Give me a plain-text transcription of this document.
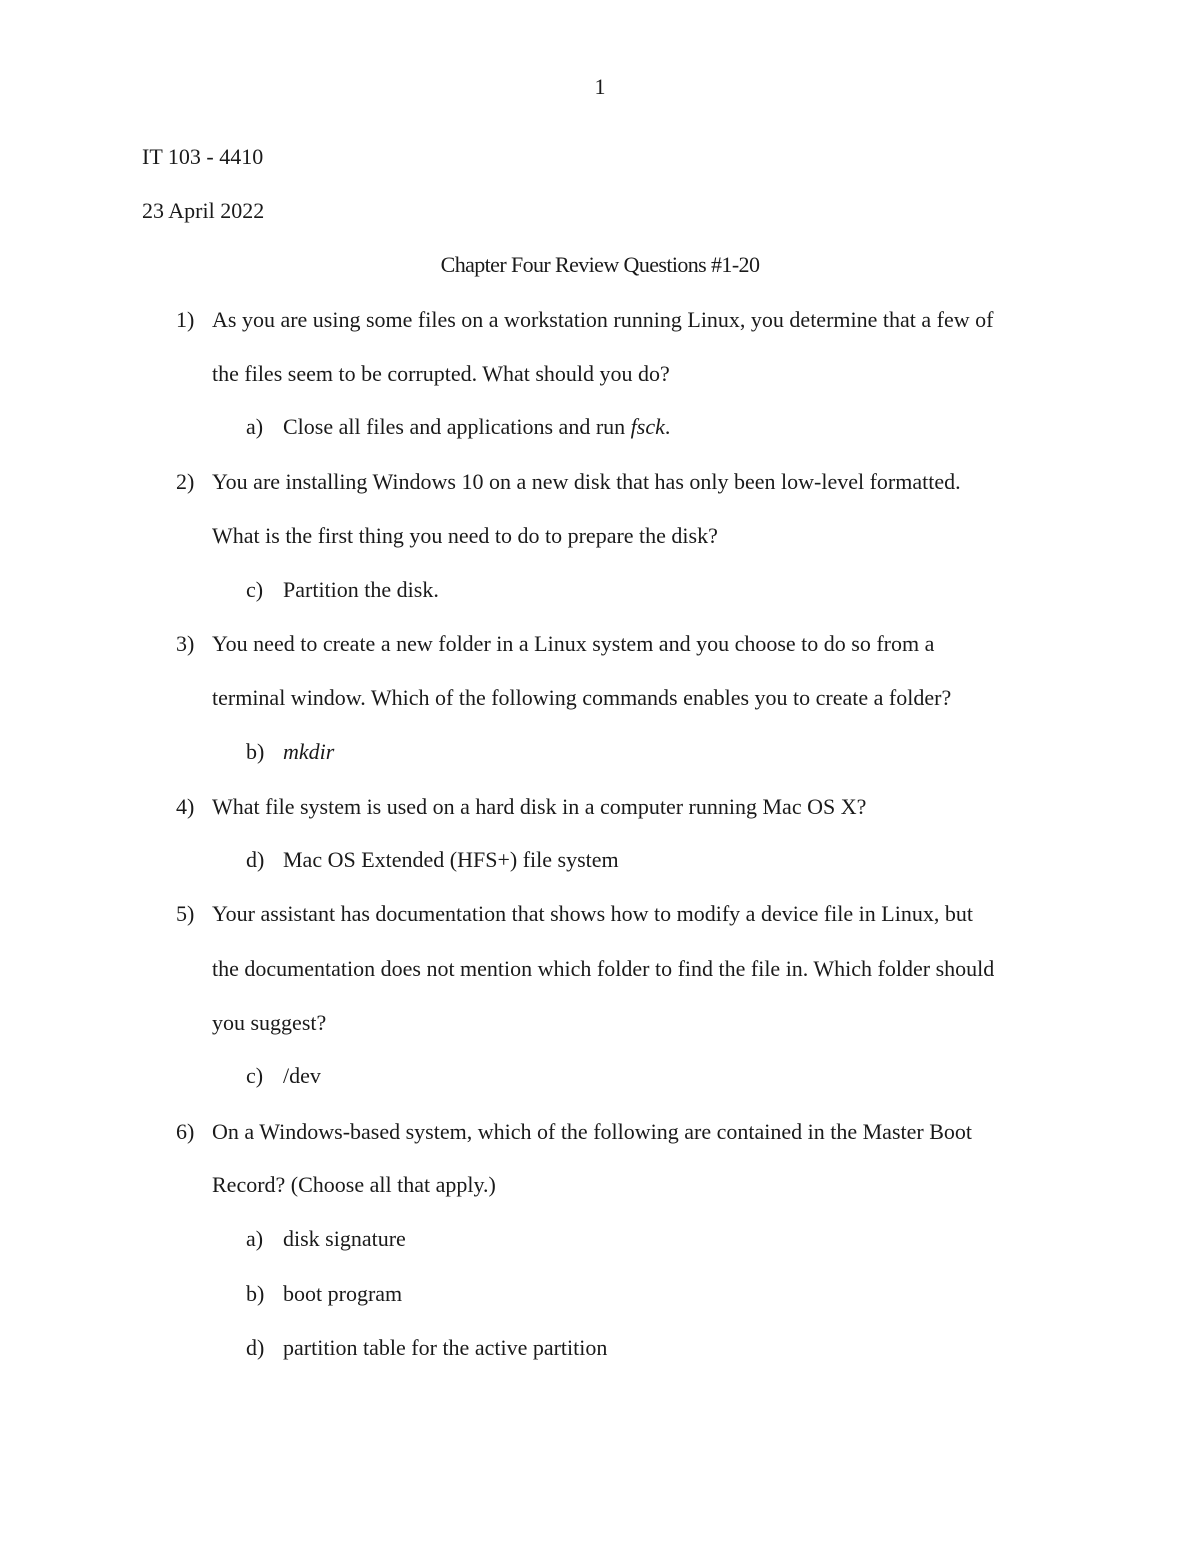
1
IT 103 - 4410
23 April 2022
Chapter Four Review Questions #1-20
1) As you are using some files on a workstation running Linux, you determine that a few of
the files seem to be corrupted. What should you do?
a) Close all files and applications and run fsck.
2) You are installing Windows 10 on a new disk that has only been low-level formatted.
What is the first thing you need to do to prepare the disk?
c) Partition the disk.
3) You need to create a new folder in a Linux system and you choose to do so from a
terminal window. Which of the following commands enables you to create a folder?
b) mkdir
4) What file system is used on a hard disk in a computer running Mac OS X?
d) Mac OS Extended (HFS+) file system
5) Your assistant has documentation that shows how to modify a device file in Linux, but
the documentation does not mention which folder to find the file in. Which folder should
you suggest?
c) /dev
6) On a Windows-based system, which of the following are contained in the Master Boot
Record? (Choose all that apply.)
a) disk signature
b) boot program
d) partition table for the active partition
